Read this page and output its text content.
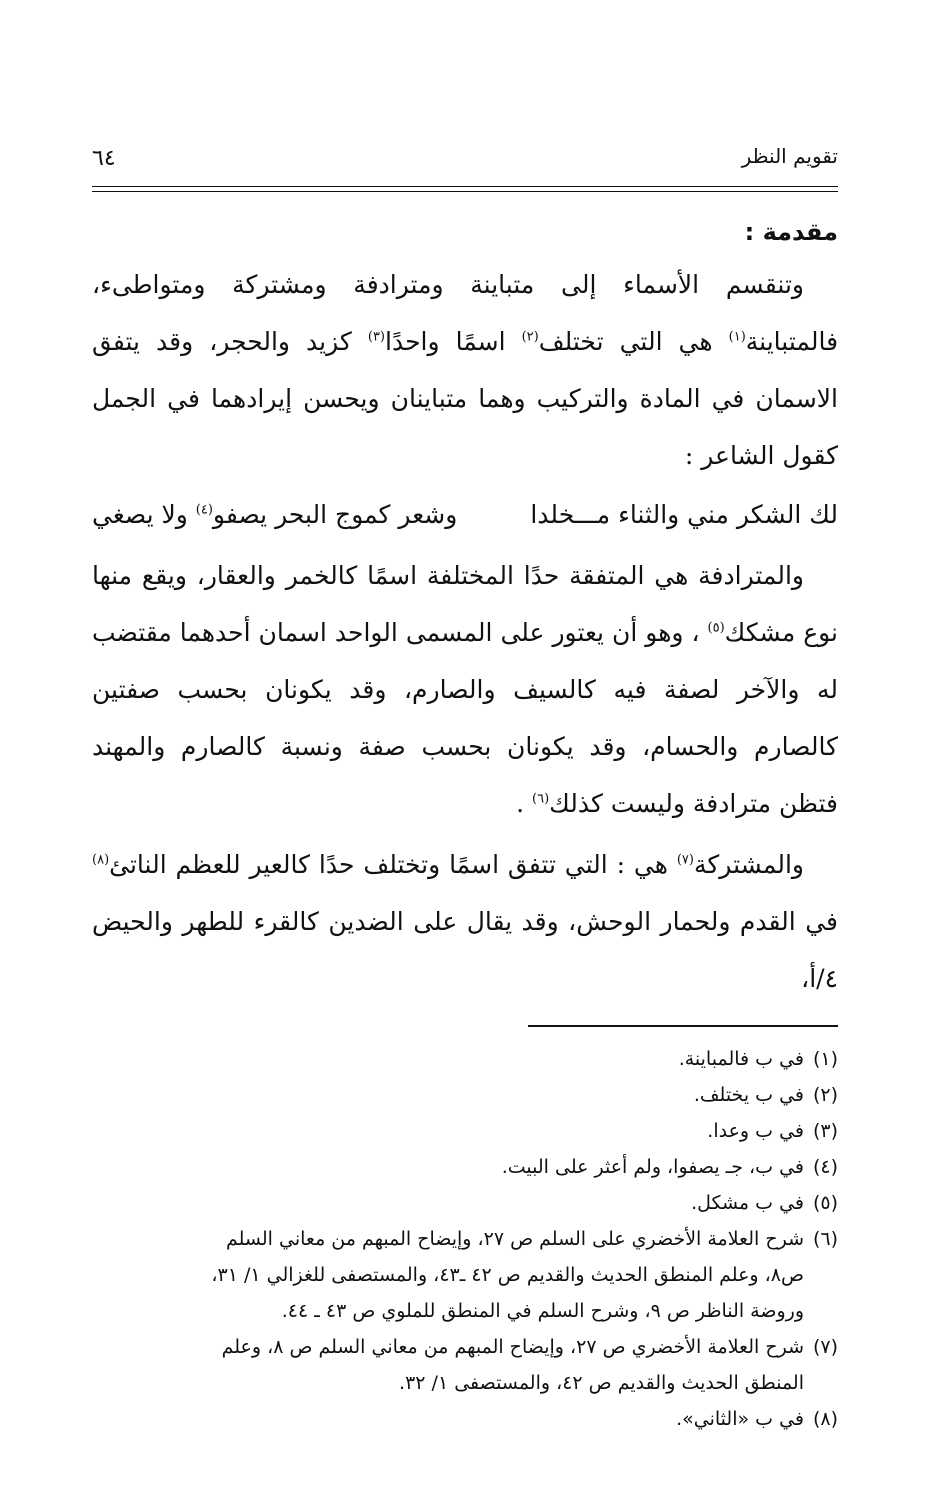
تقويم النظر
٦٤
مقدمة :
وتنقسم الأسماء إلى متباينة ومترادفة ومشتركة ومتواطىء، فالمتباينة$^{(١)}$ هي التي تختلف$^{(٢)}$ اسمًا واحدًا$^{(٣)}$ كزيد والحجر، وقد يتفق الاسمان في المادة والتركيب وهما متباينان ويحسن إيرادهما في الجمل كقول الشاعر :
لك الشكر مني والثناء مـــخلدا
وشعر كموج البحر يصفو$^{(٤)}$ ولا يصغي
والمترادفة هي المتفقة حدًا المختلفة اسمًا كالخمر والعقار، ويقع منها نوع مشكك$^{(٥)}$ ، وهو أن يعتور على المسمى الواحد اسمان أحدهما مقتضب له والآخر لصفة فيه كالسيف والصارم، وقد يكونان بحسب صفتين كالصارم والحسام، وقد يكونان بحسب صفة ونسبة كالصارم والمهند فتظن مترادفة وليست كذلك$^{(٦)}$ .
والمشتركة$^{(٧)}$ هي : التي تتفق اسمًا وتختلف حدًا كالعير للعظم الناتئ$^{(٨)}$ في القدم ولحمار الوحش، وقد يقال على الضدين كالقرء للطهر والحيض ٤/أ،
(١)
في ب فالمباينة.
(٢)
في ب يختلف.
(٣)
في ب وعدا.
(٤)
في ب، جـ يصفوا، ولم أعثر على البيت.
(٥)
في ب مشكل.
(٦)
شرح العلامة الأخضري على السلم ص ٢٧، وإيضاح المبهم من معاني السلم
ص٨، وعلم المنطق الحديث والقديم ص ٤٢ ـ٤٣، والمستصفى للغزالي ١/ ٣١،
وروضة الناظر ص ٩، وشرح السلم في المنطق للملوي ص ٤٣ ـ ٤٤.
(٧)
شرح العلامة الأخضري ص ٢٧، وإيضاح المبهم من معاني السلم ص ٨، وعلم
المنطق الحديث والقديم ص ٤٢، والمستصفى ١/ ٣٢.
(٨)
في ب «الثاني».
